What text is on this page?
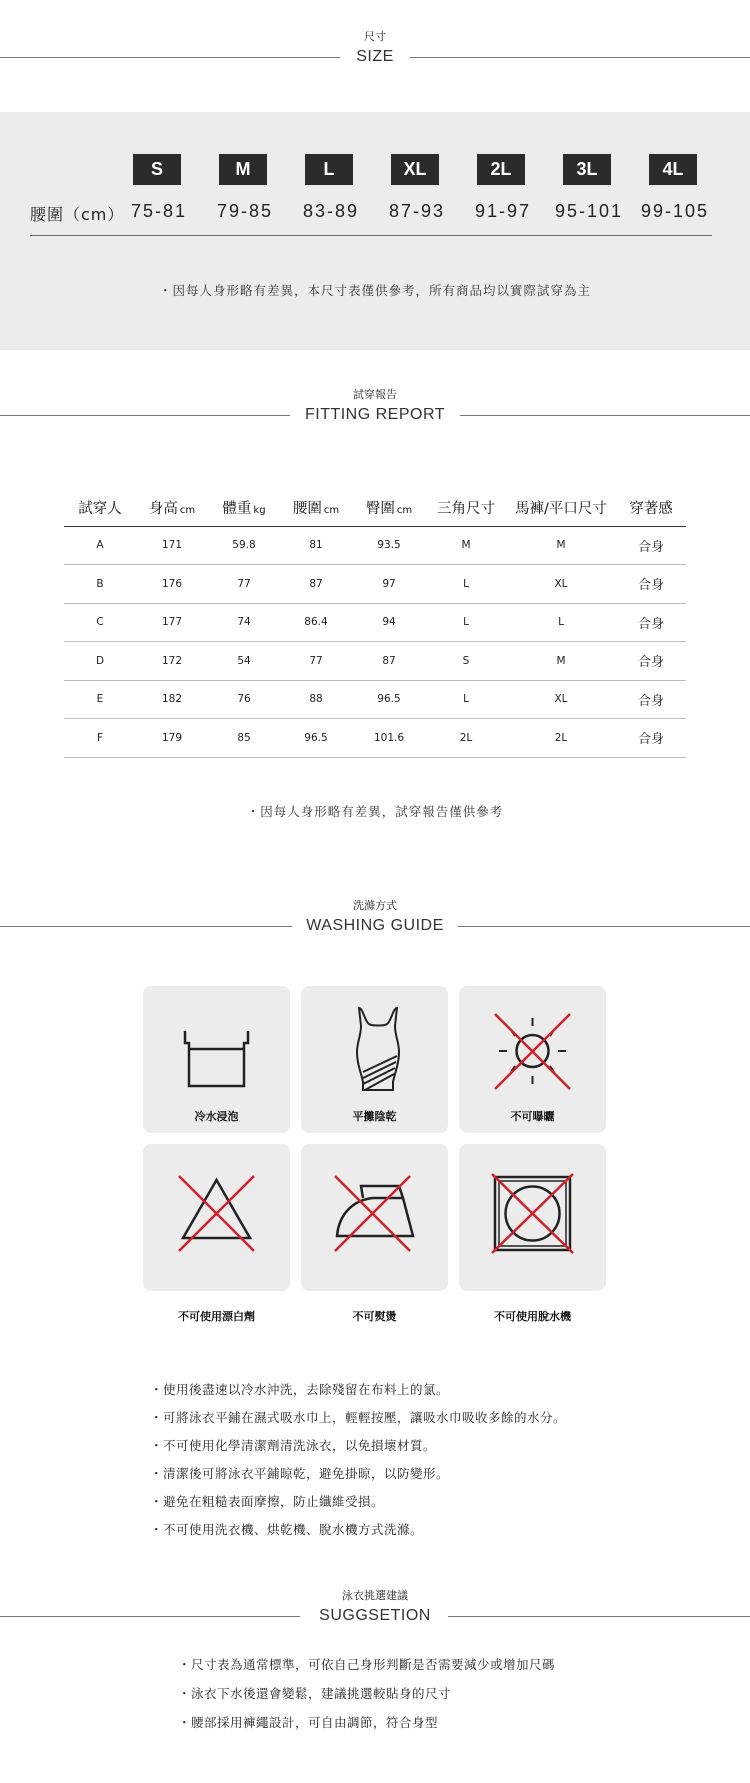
尺寸
SIZE
S	M	L	XL	2L	3L	4L
腰圍（cm） 75-81	79-85	83-89	87-93	91-97	95-101 99-105
・因每人身形略有差異，本尺寸表僅供參考，所有商品均以實際試穿為主
試穿報告
FITTING REPORT
試穿人	身高 cm	體重 kg	腰圍 cm	臀圍 cm	三角尺寸	馬褲/平口尺寸	穿著感
A	171	59.8	81	93.5	M	M	合身
B	176	77	87	97	L	XL	合身
C	177	74	86.4	94	L	L	合身
D	172	54	77	87	S	M	合身
E	182	76	88	96.5	L	XL	合身
F	179	85	96.5	101.6	2L	2L	合身
・因每人身形略有差異，試穿報告僅供參考
洗滌方式
WASHING GUIDE
冷水浸泡	平攤陰乾	不可曝曬
不可使用漂白劑	不可熨燙	不可使用脫水機
・使用後盡速以冷水沖洗，去除殘留在布料上的氯。
・可將泳衣平鋪在濕式吸水巾上，輕輕按壓，讓吸水巾吸收多餘的水分。
・不可使用化學清潔劑清洗泳衣，以免損壞材質。
・清潔後可將泳衣平鋪晾乾，避免掛晾，以防變形。
・避免在粗糙表面摩擦，防止纖維受損。
・不可使用洗衣機、烘乾機、脫水機方式洗滌。
泳衣挑選建議
SUGGSETION
・尺寸表為通常標準，可依自己身形判斷是否需要減少或增加尺碼
・泳衣下水後還會變鬆，建議挑選較貼身的尺寸
・腰部採用褲繩設計，可自由調節，符合身型
